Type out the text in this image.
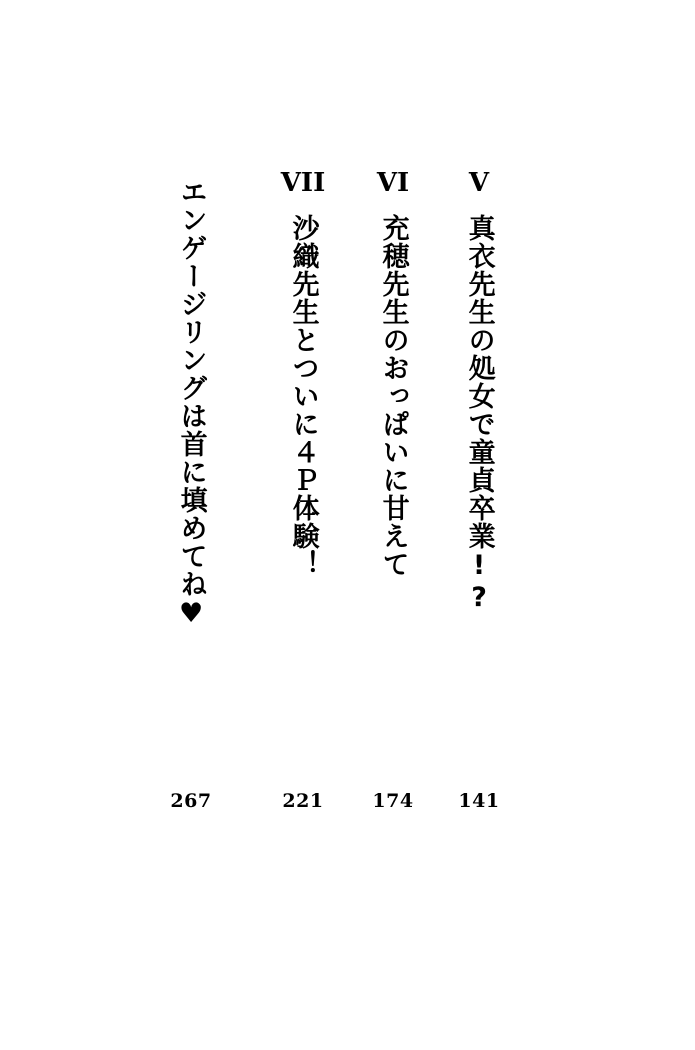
V
真衣先生の処女で童貞卒業!?
141
VI
充穂先生のおっぱいに甘えて
174
VII
沙織先生とついに４Ｐ体験！
221
エンゲージリングは首に填めてね♥
267
